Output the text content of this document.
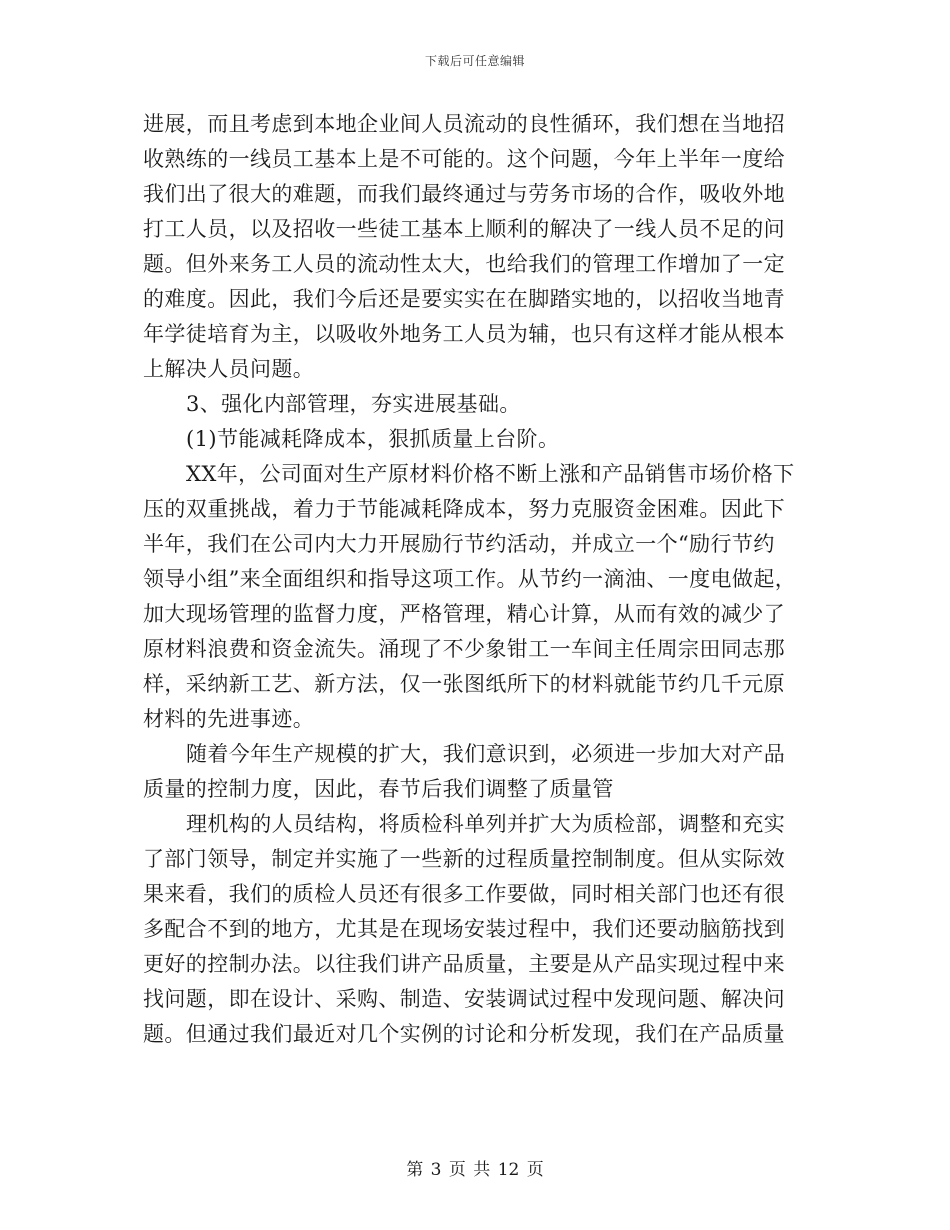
下载后可任意编辑
进展，而且考虑到本地企业间人员流动的良性循环，我们想在当地招
收熟练的一线员工基本上是不可能的。这个问题，今年上半年一度给
我们出了很大的难题，而我们最终通过与劳务市场的合作，吸收外地
打工人员，以及招收一些徒工基本上顺利的解决了一线人员不足的问
题。但外来务工人员的流动性太大，也给我们的管理工作增加了一定
的难度。因此，我们今后还是要实实在在脚踏实地的，以招收当地青
年学徒培育为主，以吸收外地务工人员为辅，也只有这样才能从根本
上解决人员问题。
3、强化内部管理，夯实进展基础。
(1)节能减耗降成本，狠抓质量上台阶。
XX年，公司面对生产原材料价格不断上涨和产品销售市场价格下
压的双重挑战，着力于节能减耗降成本，努力克服资金困难。因此下
半年，我们在公司内大力开展励行节约活动，并成立一个“励行节约
领导小组”来全面组织和指导这项工作。从节约一滴油、一度电做起，
加大现场管理的监督力度，严格管理，精心计算，从而有效的减少了
原材料浪费和资金流失。涌现了不少象钳工一车间主任周宗田同志那
样，采纳新工艺、新方法，仅一张图纸所下的材料就能节约几千元原
材料的先进事迹。
随着今年生产规模的扩大，我们意识到，必须进一步加大对产品
质量的控制力度，因此，春节后我们调整了质量管
理机构的人员结构，将质检科单列并扩大为质检部，调整和充实
了部门领导，制定并实施了一些新的过程质量控制制度。但从实际效
果来看，我们的质检人员还有很多工作要做，同时相关部门也还有很
多配合不到的地方，尤其是在现场安装过程中，我们还要动脑筋找到
更好的控制办法。以往我们讲产品质量，主要是从产品实现过程中来
找问题，即在设计、采购、制造、安装调试过程中发现问题、解决问
题。但通过我们最近对几个实例的讨论和分析发现，我们在产品质量
第 3 页 共 12 页
